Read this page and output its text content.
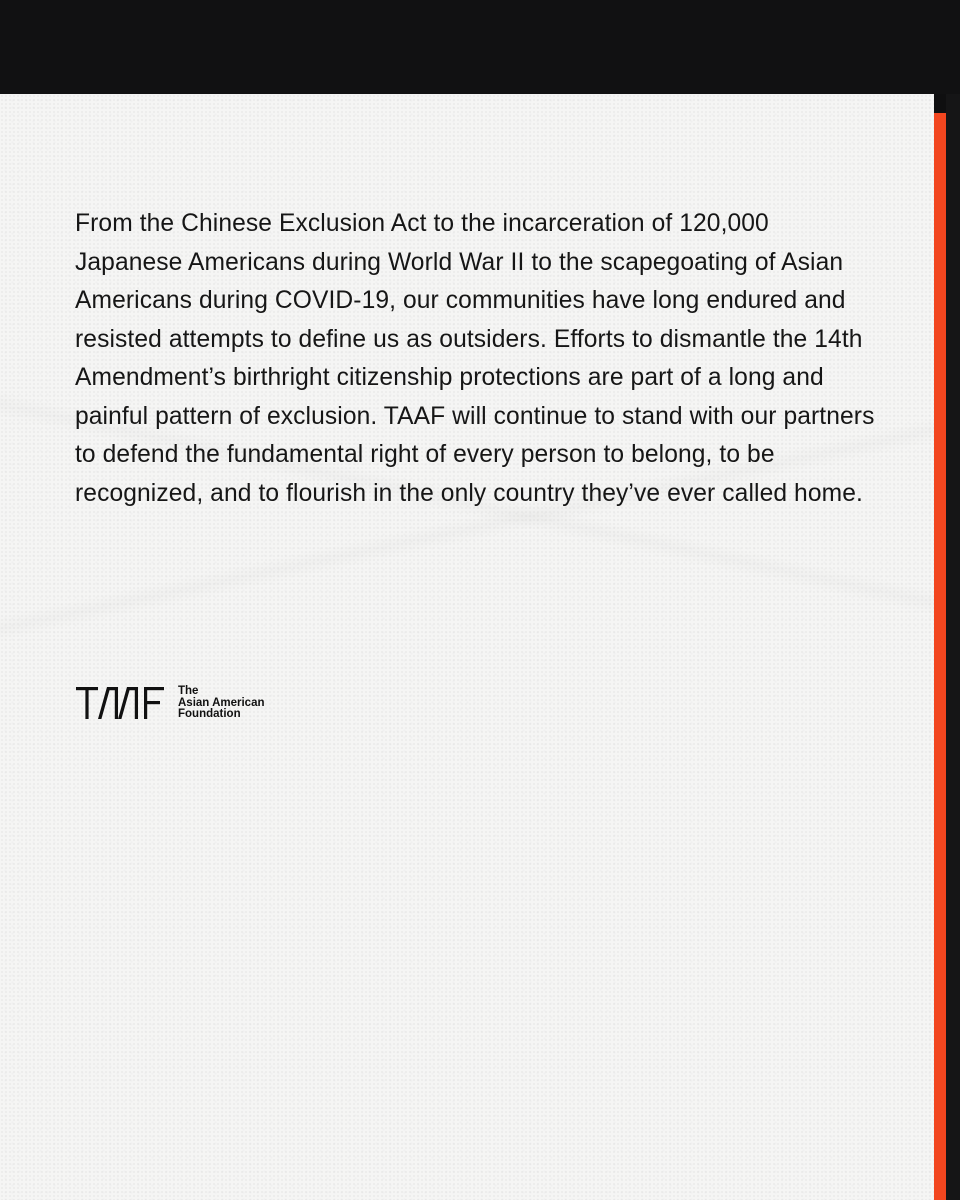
From the Chinese Exclusion Act to the incarceration of 120,000 Japanese Americans during World War II to the scapegoating of Asian Americans during COVID-19, our communities have long endured and resisted attempts to define us as outsiders. Efforts to dismantle the 14th Amendment’s birthright citizenship protections are part of a long and painful pattern of exclusion. TAAF will continue to stand with our partners to defend the fundamental right of every person to belong, to be recognized, and to flourish in the only country they’ve ever called home.

The
Asian American
Foundation
